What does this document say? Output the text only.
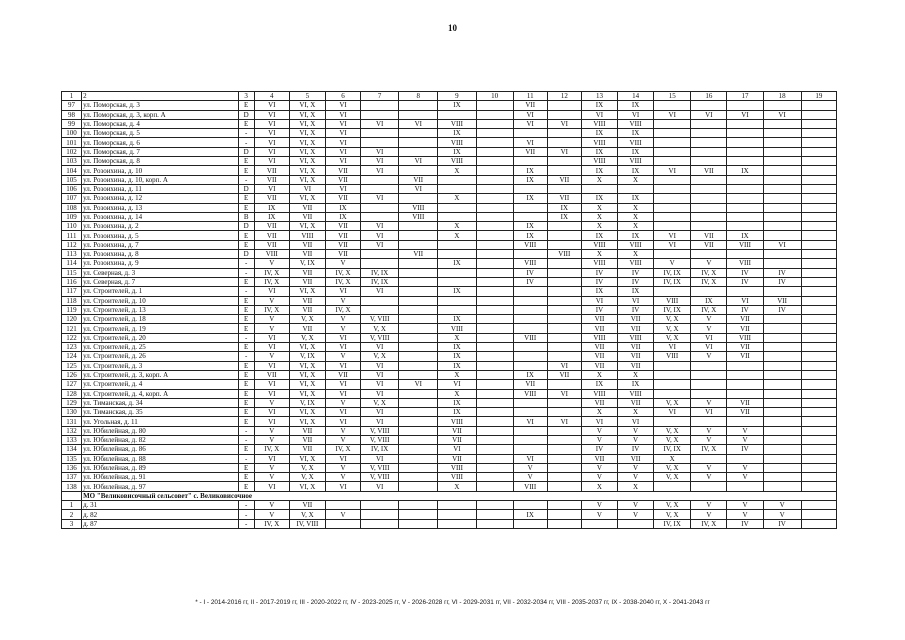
10
1	2	3	4	5	6	7	8	9	10	11	12	13	14	15	16	17	18	19
97	ул. Поморская, д. 3	E	VI	VI, X	VI			IX		VII		IX	IX					
98	ул. Поморская, д. 3, корп. А	D	VI	VI, X	VI					VI		VI	VI	VI	VI	VI	VI	
99	ул. Поморская, д. 4	E	VI	VI, X	VI	VI	VI	VIII		VI	VI	VIII	VIII					
100	ул. Поморская, д. 5	-	VI	VI, X	VI			IX				IX	IX					
101	ул. Поморская, д. 6	-	VI	VI, X	VI			VIII		VI		VIII	VIII					
102	ул. Поморская, д. 7	D	VI	VI, X	VI	VI		IX		VII	VI	IX	IX					
103	ул. Поморская, д. 8	E	VI	VI, X	VI	VI	VI	VIII				VIII	VIII					
104	ул. Розоихина, д. 10	E	VII	VI, X	VII	VI		X		IX		IX	IX	VI	VII	IX		
105	ул. Розоихина, д. 10, корп. А	-	VII	VI, X	VII		VII			IX	VII	X	X					
106	ул. Розоихина, д. 11	D	VI	VI	VI		VI											
107	ул. Розоихина, д. 12	E	VII	VI, X	VII	VI		X		IX	VII	IX	IX					
108	ул. Розоихина, д. 13	E	IX	VII	IX		VIII				IX	X	X					
109	ул. Розоихина, д. 14	B	IX	VII	IX		VIII				IX	X	X					
110	ул. Розоихина, д. 2	D	VII	VI, X	VII	VI		X		IX		X	X					
111	ул. Розоихина, д. 5	E	VII	VIII	VII	VI		X		IX		IX	IX	VI	VII	IX		
112	ул. Розоихина, д. 7	E	VII	VII	VII	VI				VIII		VIII	VIII	VI	VII	VIII	VI	
113	ул. Розоихина, д. 8	D	VIII	VII	VII		VII				VIII	X	X					
114	ул. Розоихина, д. 9	-	V	V, IX	V			IX		VIII		VIII	VIII	V	V	VIII		
115	ул. Северная, д. 3	-	IV, X	VII	IV, X	IV, IX				IV		IV	IV	IV, IX	IV, X	IV	IV	
116	ул. Северная, д. 7	E	IV, X	VII	IV, X	IV, IX				IV		IV	IV	IV, IX	IV, X	IV	IV	
117	ул. Строителей, д. 1	-	VI	VI, X	VI	VI		IX				IX	IX					
118	ул. Строителей, д. 10	E	V	VII	V							VI	VI	VIII	IX	VI	VII	
119	ул. Строителей, д. 13	E	IV, X	VII	IV, X							IV	IV	IV, IX	IV, X	IV	IV	
120	ул. Строителей, д. 18	E	V	V, X	V	V, VIII		IX				VII	VII	V, X	V	VII		
121	ул. Строителей, д. 19	E	V	VII	V	V, X		VIII				VII	VII	V, X	V	VII		
122	ул. Строителей, д. 20	-	VI	V, X	VI	V, VIII		X		VIII		VIII	VIII	V, X	VI	VIII		
123	ул. Строителей, д. 25	E	VI	VI, X	VI	VI		IX				VII	VII	VI	VI	VII		
124	ул. Строителей, д. 26	-	V	V, IX	V	V, X		IX				VII	VII	VIII	V	VII		
125	ул. Строителей, д. 3	E	VI	VI, X	VI	VI		IX			VI	VII	VII					
126	ул. Строителей, д. 3, корп. А	E	VII	VI, X	VII	VI		X		IX	VII	X	X					
127	ул. Строителей, д. 4	E	VI	VI, X	VI	VI	VI	VI		VII		IX	IX					
128	ул. Строителей, д. 4, корп. А	E	VI	VI, X	VI	VI		X		VIII	VI	VIII	VIII					
129	ул. Тиманская, д. 34	E	V	V, IX	V	V, X		IX				VII	VII	V, X	V	VII		
130	ул. Тиманская, д. 35	E	VI	VI, X	VI	VI		IX				X	X	VI	VI	VII		
131	ул. Угольная, д. 11	E	VI	VI, X	VI	VI		VIII		VI	VI	VI	VI					
132	ул. Юбилейная, д. 80	-	V	VII	V	V, VIII		VII				V	V	V, X	V	V		
133	ул. Юбилейная, д. 82	-	V	VII	V	V, VIII		VII				V	V	V, X	V	V		
134	ул. Юбилейная, д. 86	E	IV, X	VII	IV, X	IV, IX		VI				IV	IV	IV, IX	IV, X	IV		
135	ул. Юбилейная, д. 88	-	VI	VI, X	VI	VI		VII		VI		VII	VII	X				
136	ул. Юбилейная, д. 89	E	V	V, X	V	V, VIII		VIII		V		V	V	V, X	V	V		
137	ул. Юбилейная, д. 91	E	V	V, X	V	V, VIII		VIII		V		V	V	V, X	V	V		
138	ул. Юбилейная, д. 97	E	VI	VI, X	VI	VI		X		VIII		X	X					
	МО "Великовисочный сельсовет" с. Великовисочное																	
1	д. 31	-	V	VII								V	V	V, X	V	V	V	
2	д. 82	-	V	V, X	V					IX		V	V	V, X	V	V	V	
3	д. 87	-	IV, X	IV, VIII										IV, IX	IV, X	IV	IV	
* - I - 2014-2016 гг, II - 2017-2019 гг, III - 2020-2022 гг, IV - 2023-2025 гг, V - 2026-2028 гг, VI - 2029-2031 гг, VII - 2032-2034 гг, VIII - 2035-2037 гг, IX - 2038-2040 гг, X - 2041-2043 гг
